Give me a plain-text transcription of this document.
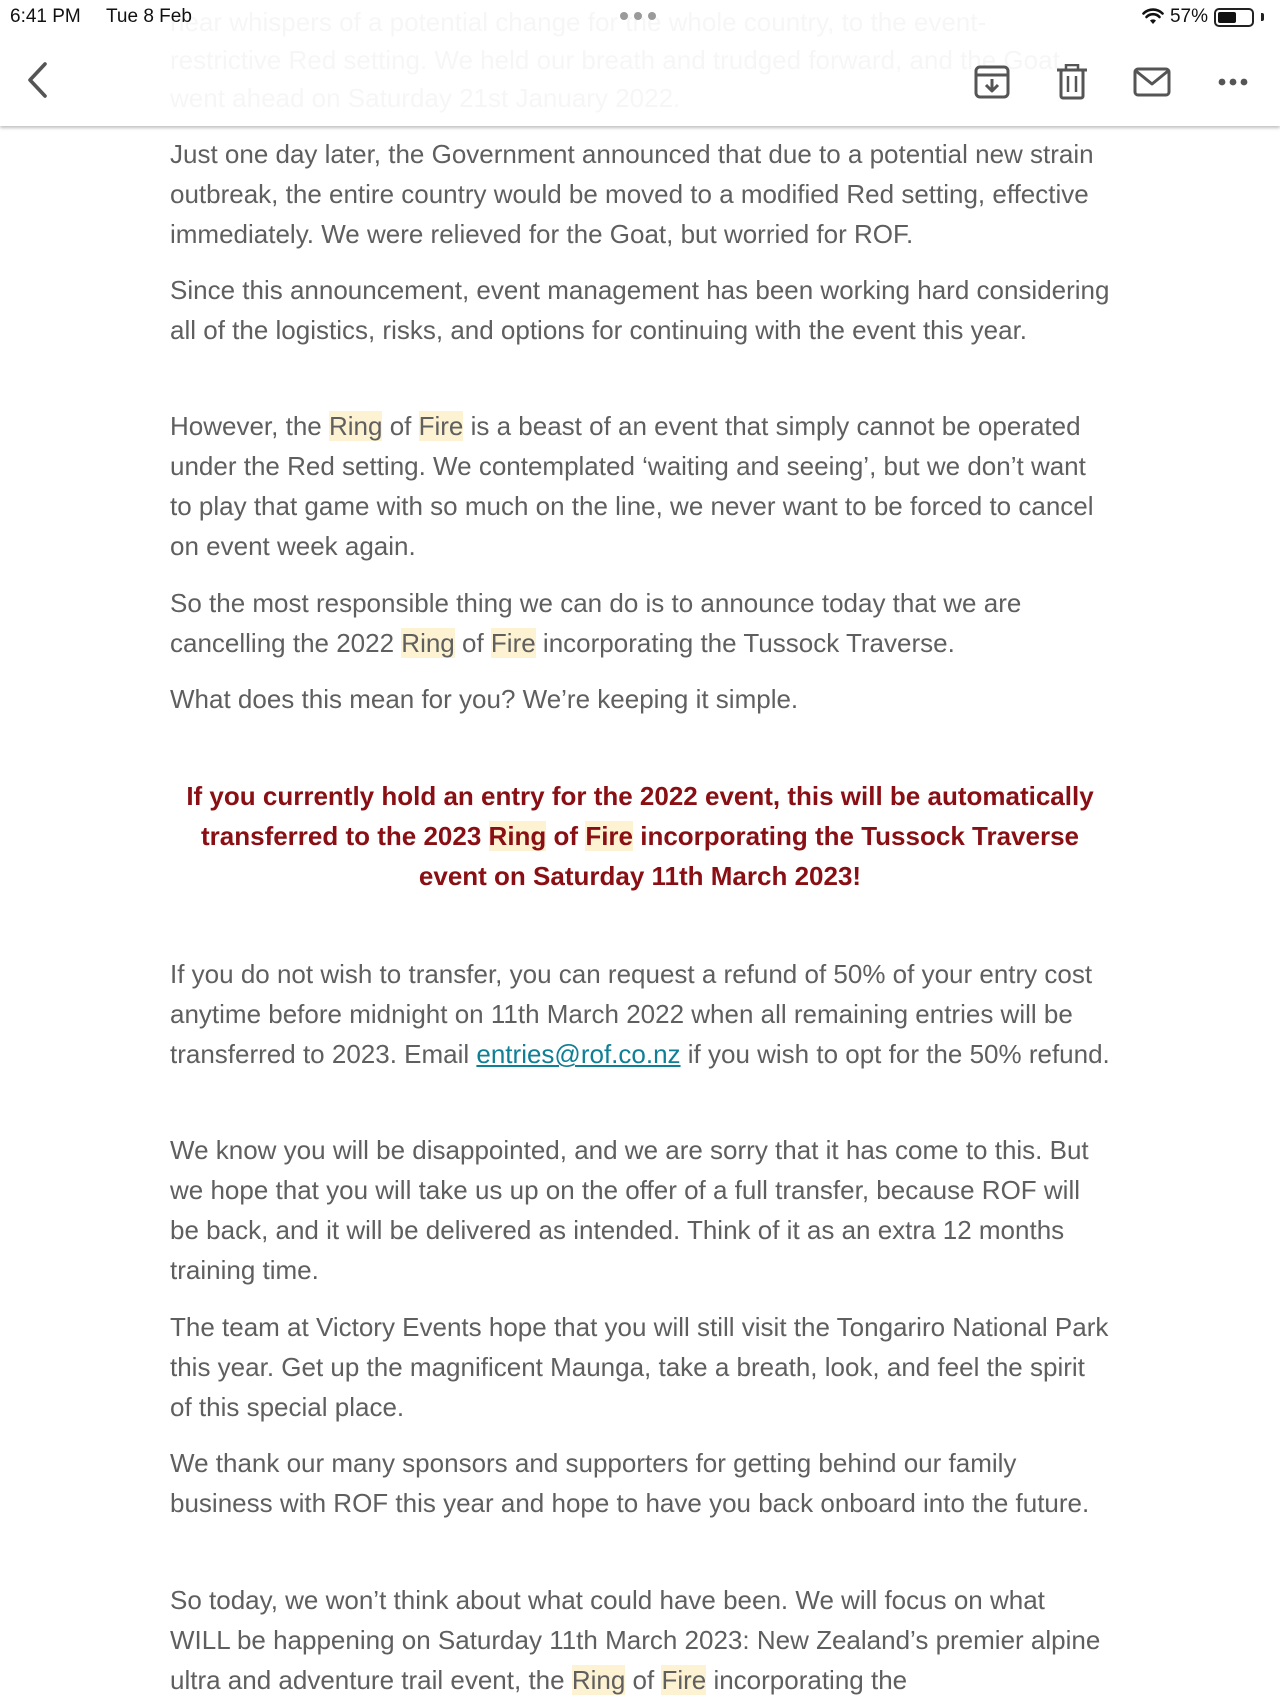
6:41 PM Tue 8 Feb	57%

Just one day later, the Government announced that due to a potential new strain outbreak, the entire country would be moved to a modified Red setting, effective immediately. We were relieved for the Goat, but worried for ROF.

Since this announcement, event management has been working hard considering all of the logistics, risks, and options for continuing with the event this year.

However, the Ring of Fire is a beast of an event that simply cannot be operated under the Red setting. We contemplated ‘waiting and seeing’, but we don’t want to play that game with so much on the line, we never want to be forced to cancel on event week again.

So the most responsible thing we can do is to announce today that we are cancelling the 2022 Ring of Fire incorporating the Tussock Traverse.

What does this mean for you? We’re keeping it simple.

If you currently hold an entry for the 2022 event, this will be automatically transferred to the 2023 Ring of Fire incorporating the Tussock Traverse event on Saturday 11th March 2023!

If you do not wish to transfer, you can request a refund of 50% of your entry cost anytime before midnight on 11th March 2022 when all remaining entries will be transferred to 2023. Email entries@rof.co.nz if you wish to opt for the 50% refund.

We know you will be disappointed, and we are sorry that it has come to this. But we hope that you will take us up on the offer of a full transfer, because ROF will be back, and it will be delivered as intended. Think of it as an extra 12 months training time.

The team at Victory Events hope that you will still visit the Tongariro National Park this year. Get up the magnificent Maunga, take a breath, look, and feel the spirit of this special place.

We thank our many sponsors and supporters for getting behind our family business with ROF this year and hope to have you back onboard into the future.

So today, we won’t think about what could have been. We will focus on what WILL be happening on Saturday 11th March 2023: New Zealand’s premier alpine ultra and adventure trail event, the Ring of Fire incorporating the
